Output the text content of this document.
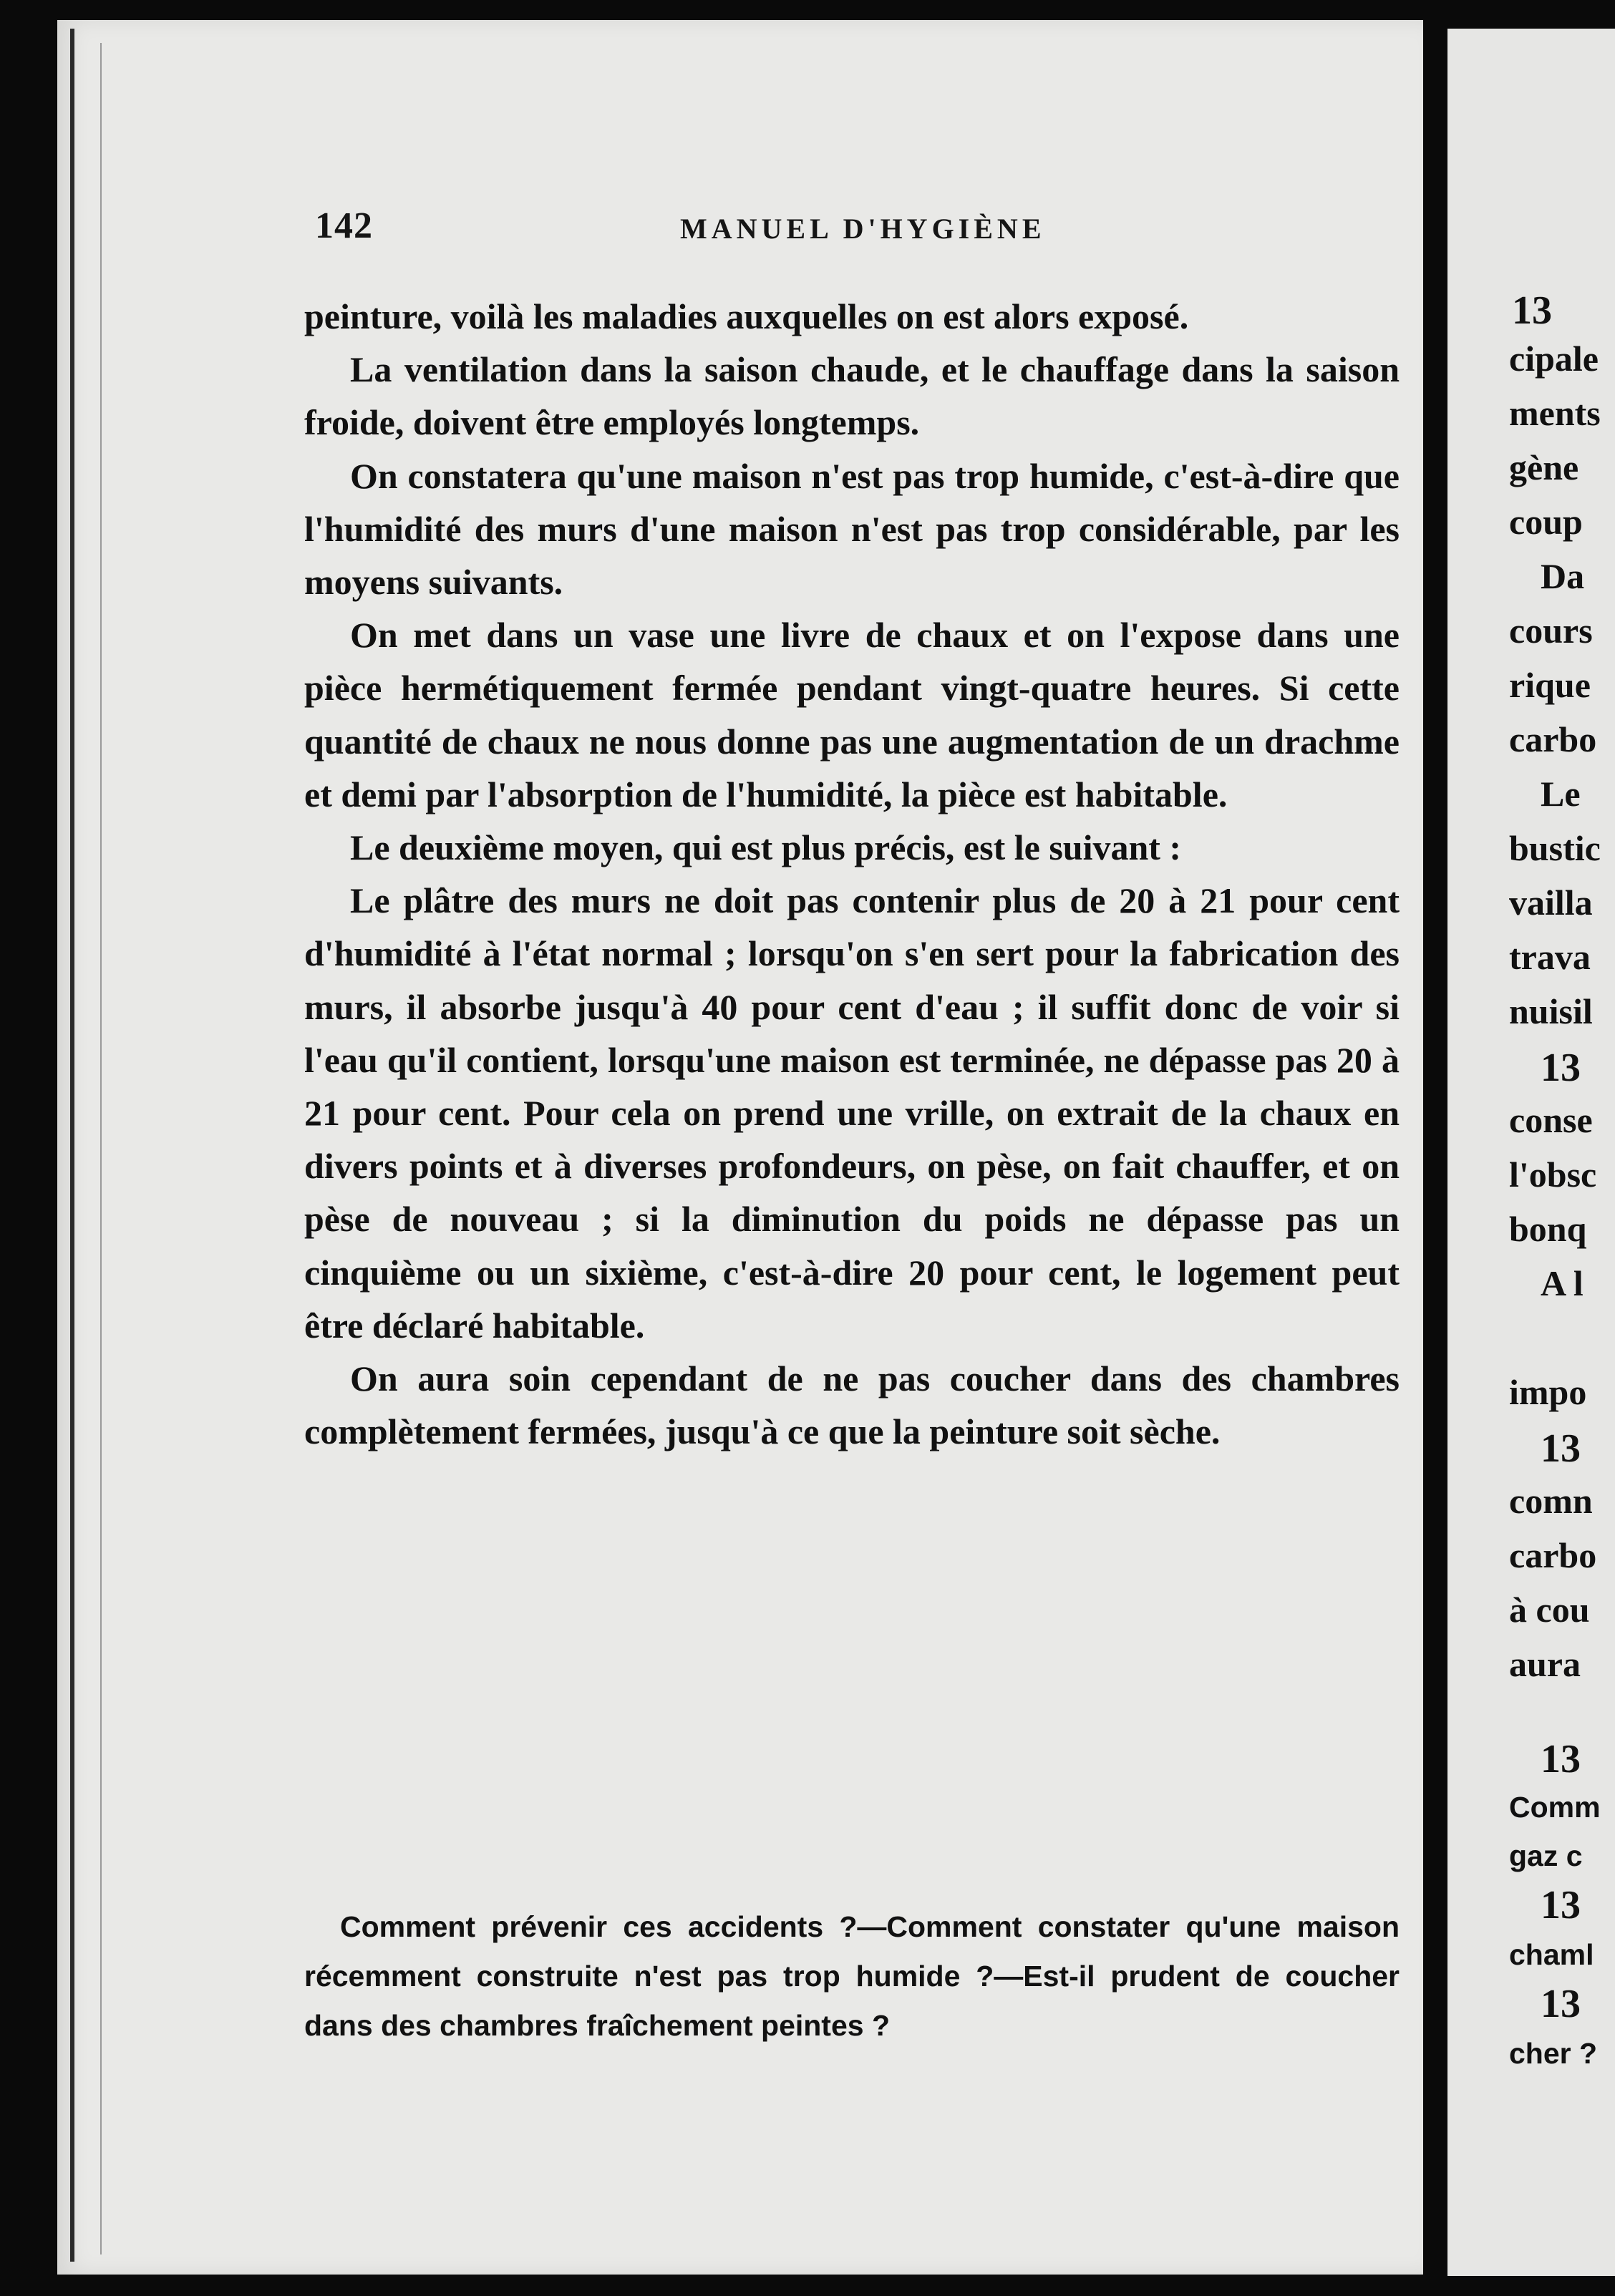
142	MANUEL D'HYGIÈNE

peinture, voilà les maladies auxquelles on est alors exposé.

La ventilation dans la saison chaude, et le chauffage dans la saison froide, doivent être employés longtemps.

On constatera qu'une maison n'est pas trop humide, c'est-à-dire que l'humidité des murs d'une maison n'est pas trop considérable, par les moyens suivants.

On met dans un vase une livre de chaux et on l'expose dans une pièce hermétiquement fermée pendant vingt-quatre heures. Si cette quantité de chaux ne nous donne pas une augmentation de un drachme et demi par l'absorption de l'humidité, la pièce est habitable.

Le deuxième moyen, qui est plus précis, est le suivant :

Le plâtre des murs ne doit pas contenir plus de 20 à 21 pour cent d'humidité à l'état normal ; lorsqu'on s'en sert pour la fabrication des murs, il absorbe jusqu'à 40 pour cent d'eau ; il suffit donc de voir si l'eau qu'il contient, lorsqu'une maison est terminée, ne dépasse pas 20 à 21 pour cent. Pour cela on prend une vrille, on extrait de la chaux en divers points et à diverses profondeurs, on pèse, on fait chauffer, et on pèse de nouveau ; si la diminution du poids ne dépasse pas un cinquième ou un sixième, c'est-à-dire 20 pour cent, le logement peut être déclaré habitable.

On aura soin cependant de ne pas coucher dans des chambres complètement fermées, jusqu'à ce que la peinture soit sèche.

Comment prévenir ces accidents ?—Comment constater qu'une maison récemment construite n'est pas trop humide ?—Est-il prudent de coucher dans des chambres fraîchement peintes ?

13
cipale
ments
gène
coup
Da
cours
rique
carbo
Le
bustic
vailla
trava
nuisil
13
conse
l'obsc
bonq
A l
impo
13
comn
carbo
à cou
aura
13
Comm
gaz c
13
chaml
13
cher ?
